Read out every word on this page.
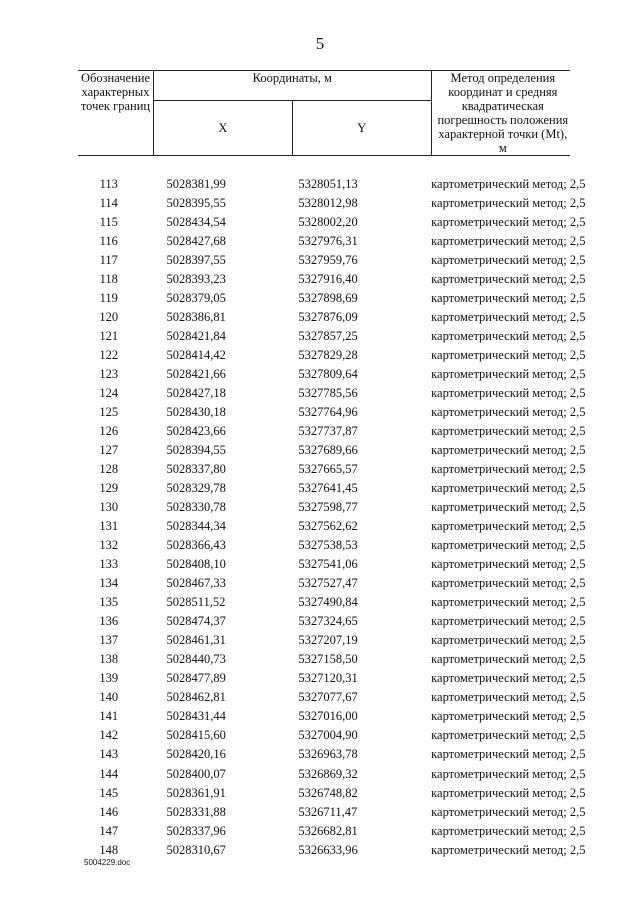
5
Обозначение характерных точек границ	Координаты, м		Метод определения координат и средняя квадратическая погрешность положения характерной точки (Mt), м
	X	Y	

113	5028381,99	5328051,13	картометрический метод; 2,5
114	5028395,55	5328012,98	картометрический метод; 2,5
115	5028434,54	5328002,20	картометрический метод; 2,5
116	5028427,68	5327976,31	картометрический метод; 2,5
117	5028397,55	5327959,76	картометрический метод; 2,5
118	5028393,23	5327916,40	картометрический метод; 2,5
119	5028379,05	5327898,69	картометрический метод; 2,5
120	5028386,81	5327876,09	картометрический метод; 2,5
121	5028421,84	5327857,25	картометрический метод; 2,5
122	5028414,42	5327829,28	картометрический метод; 2,5
123	5028421,66	5327809,64	картометрический метод; 2,5
124	5028427,18	5327785,56	картометрический метод; 2,5
125	5028430,18	5327764,96	картометрический метод; 2,5
126	5028423,66	5327737,87	картометрический метод; 2,5
127	5028394,55	5327689,66	картометрический метод; 2,5
128	5028337,80	5327665,57	картометрический метод; 2,5
129	5028329,78	5327641,45	картометрический метод; 2,5
130	5028330,78	5327598,77	картометрический метод; 2,5
131	5028344,34	5327562,62	картометрический метод; 2,5
132	5028366,43	5327538,53	картометрический метод; 2,5
133	5028408,10	5327541,06	картометрический метод; 2,5
134	5028467,33	5327527,47	картометрический метод; 2,5
135	5028511,52	5327490,84	картометрический метод; 2,5
136	5028474,37	5327324,65	картометрический метод; 2,5
137	5028461,31	5327207,19	картометрический метод; 2,5
138	5028440,73	5327158,50	картометрический метод; 2,5
139	5028477,89	5327120,31	картометрический метод; 2,5
140	5028462,81	5327077,67	картометрический метод; 2,5
141	5028431,44	5327016,00	картометрический метод; 2,5
142	5028415,60	5327004,90	картометрический метод; 2,5
143	5028420,16	5326963,78	картометрический метод; 2,5
144	5028400,07	5326869,32	картометрический метод; 2,5
145	5028361,91	5326748,82	картометрический метод; 2,5
146	5028331,88	5326711,47	картометрический метод; 2,5
147	5028337,96	5326682,81	картометрический метод; 2,5
148	5028310,67	5326633,96	картометрический метод; 2,5
5004229.doc
